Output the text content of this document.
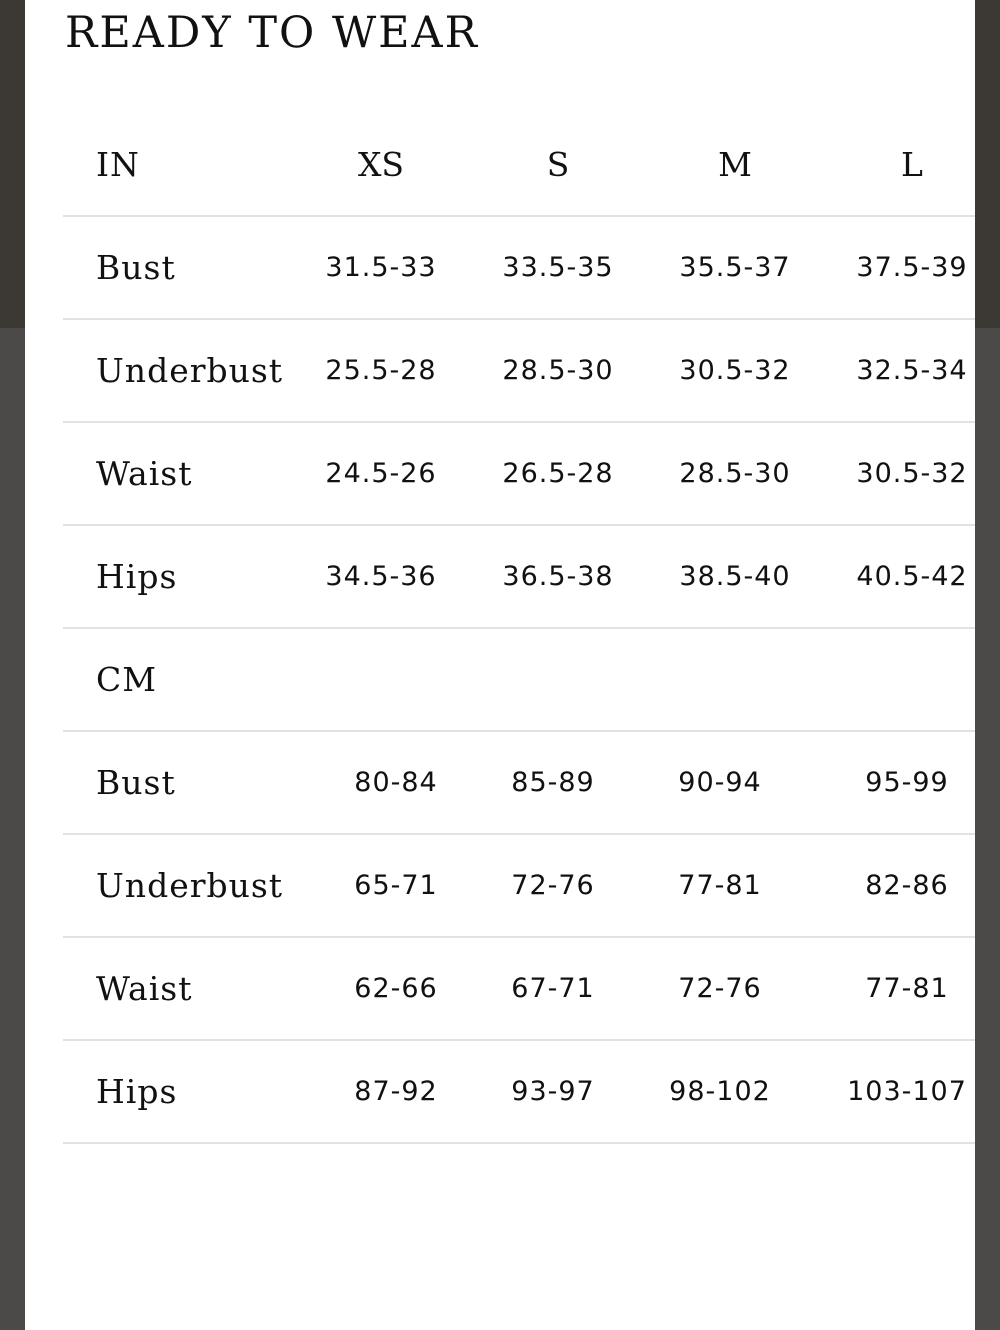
READY TO WEAR
IN	XS	S	M	L
Bust	31.5-33 33.5-35 35.5-37 37.5-39
Underbust 25.5-28 28.5-30 30.5-32 32.5-34
Waist	24.5-26 26.5-28 28.5-30 30.5-32
Hips	34.5-36 36.5-38 38.5-40 40.5-42
CM
Bust	80-84	85-89	90-94	95-99
Underbust	65-71	72-76	77-81	82-86
Waist	62-66	67-71	72-76	77-81
Hips	87-92	93-97	98-102	103-107
